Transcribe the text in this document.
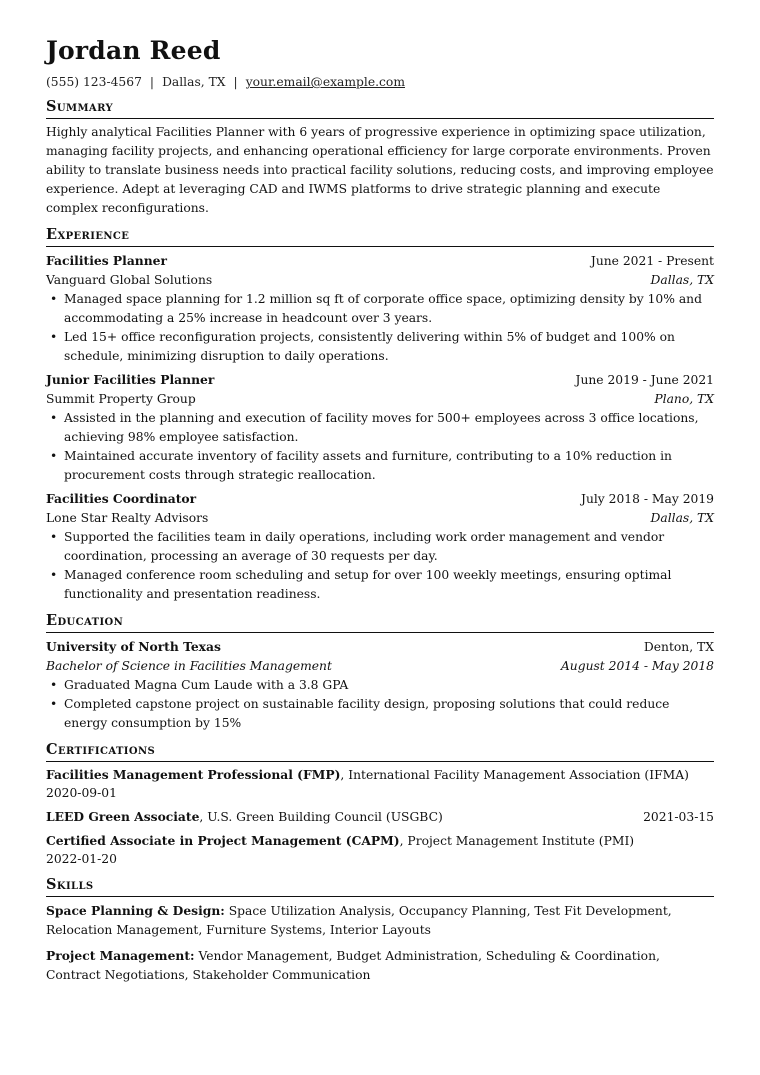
Jordan Reed
(555) 123-4567 | Dallas, TX | your.email@example.com
Summary

Highly analytical Facilities Planner with 6 years of progressive experience in optimizing space utilization, managing facility projects, and enhancing operational efficiency for large corporate environments. Proven ability to translate business needs into practical facility solutions, reducing costs, and improving employee experience. Adept at leveraging CAD and IWMS platforms to drive strategic planning and execute complex reconfigurations.

Experience
Facilities Planner	June 2021 - Present
Vanguard Global Solutions	Dallas, TX
• Managed space planning for 1.2 million sq ft of corporate office space, optimizing density by 10% and accommodating a 25% increase in headcount over 3 years.
• Led 15+ office reconfiguration projects, consistently delivering within 5% of budget and 100% on schedule, minimizing disruption to daily operations.
Junior Facilities Planner	June 2019 - June 2021
Summit Property Group	Plano, TX
• Assisted in the planning and execution of facility moves for 500+ employees across 3 office locations, achieving 98% employee satisfaction.
• Maintained accurate inventory of facility assets and furniture, contributing to a 10% reduction in procurement costs through strategic reallocation.
Facilities Coordinator	July 2018 - May 2019
Lone Star Realty Advisors	Dallas, TX
• Supported the facilities team in daily operations, including work order management and vendor coordination, processing an average of 30 requests per day.
• Managed conference room scheduling and setup for over 100 weekly meetings, ensuring optimal functionality and presentation readiness.
Education
University of North Texas	Denton, TX
Bachelor of Science in Facilities Management	August 2014 - May 2018
• Graduated Magna Cum Laude with a 3.8 GPA
• Completed capstone project on sustainable facility design, proposing solutions that could reduce energy consumption by 15%
Certifications
Facilities Management Professional (FMP), International Facility Management Association (IFMA)
2020-09-01
LEED Green Associate, U.S. Green Building Council (USGBC)	2021-03-15
Certified Associate in Project Management (CAPM), Project Management Institute (PMI)
2022-01-20
Skills
Space Planning & Design: Space Utilization Analysis, Occupancy Planning, Test Fit Development, Relocation Management, Furniture Systems, Interior Layouts
Project Management: Vendor Management, Budget Administration, Scheduling & Coordination, Contract Negotiations, Stakeholder Communication
